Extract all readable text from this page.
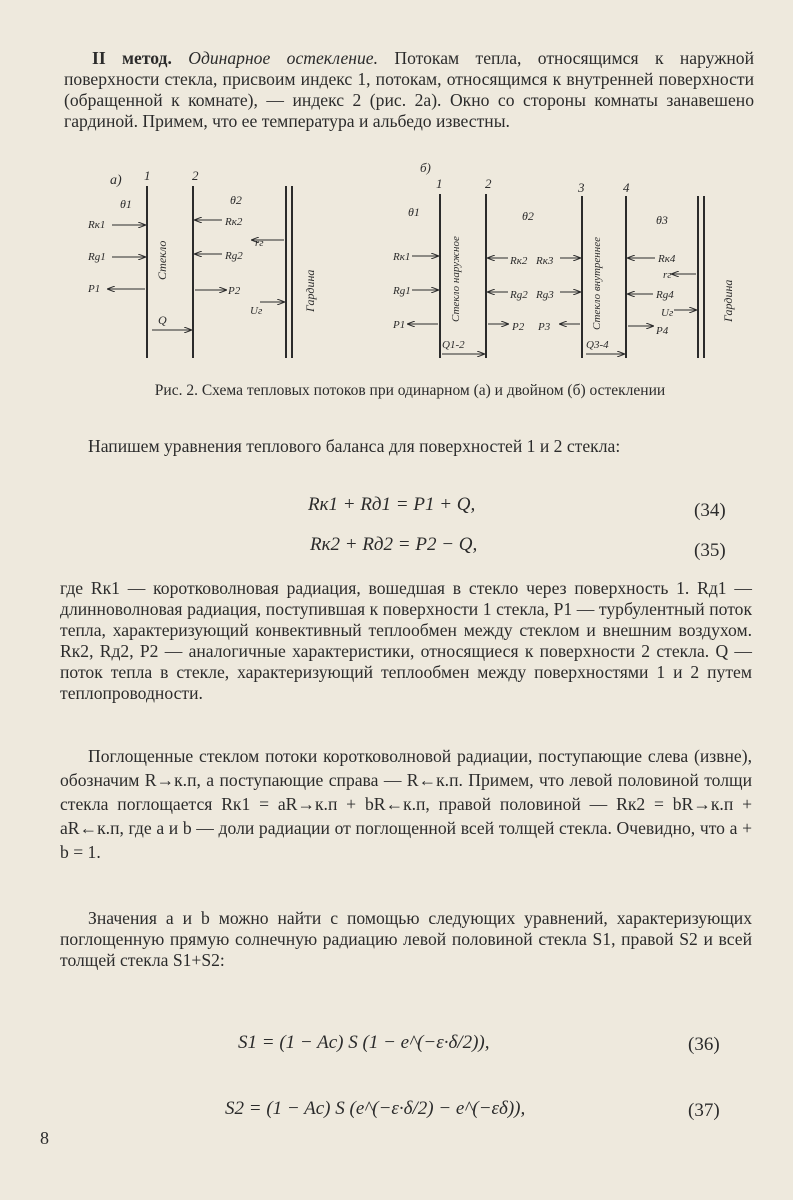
II метод. Одинарное остекление. Потокам тепла, относящимся к наружной поверхности стекла, присвоим индекс 1, потокам, относящимся к внутренней поверхности (обращенной к комнате), — индекс 2 (рис. 2а). Окно со стороны комнаты занавешено гардиной. Примем, что ее температура и альбедо известны.

а) 1	2
θ1	θ2
Rк1
Rg1
P1
Rк2
Rg2
P2
rг
Uг
Q
Стекло
Гардина
б)
1	2	3	4
θ1	θ2	θ3
Rк1
Rg1
P1
Rк2 Rк3
Rg2 Rg3
P2 P3
Rк4
rг
Rg4
Uг
P4
Q1-2	Q3-4
Стекло наружное	Стекло внутреннее	Гардина
Рис. 2. Схема тепловых потоков при одинарном (а) и двойном (б) остеклении

Напишем уравнения теплового баланса для поверхностей 1 и 2 стекла:

Rк1 + Rд1 = P1 + Q,	(34)
Rк2 + Rд2 = P2 − Q,	(35)

где Rк1 — коротковолновая радиация, вошедшая в стекло через поверхность 1. Rд1 — длинноволновая радиация, поступившая к поверхности 1 стекла, P1 — турбулентный поток тепла, характеризующий конвективный теплообмен между стеклом и внешним воздухом. Rк2, Rд2, P2 — аналогичные характеристики, относящиеся к поверхности 2 стекла. Q — поток тепла в стекле, характеризующий теплообмен между поверхностями 1 и 2 путем теплопроводности.

Поглощенные стеклом потоки коротковолновой радиации, поступающие слева (извне), обозначим R→к.п, а поступающие справа — R←к.п. Примем, что левой половиной толщи стекла поглощается Rк1 = aR→к.п + bR←к.п, правой половиной — Rк2 = bR→к.п + aR←к.п, где a и b — доли радиации от поглощенной всей толщей стекла. Очевидно, что a + b = 1.

Значения a и b можно найти с помощью следующих уравнений, характеризующих поглощенную прямую солнечную радиацию левой половиной стекла S1, правой S2 и всей толщей стекла S1+S2:

S1 = (1 − Aс) S (1 − e^(−ε·δ/2)),	(36)
S2 = (1 − Aс) S (e^(−ε·δ/2) − e^(−εδ)),	(37)
8
